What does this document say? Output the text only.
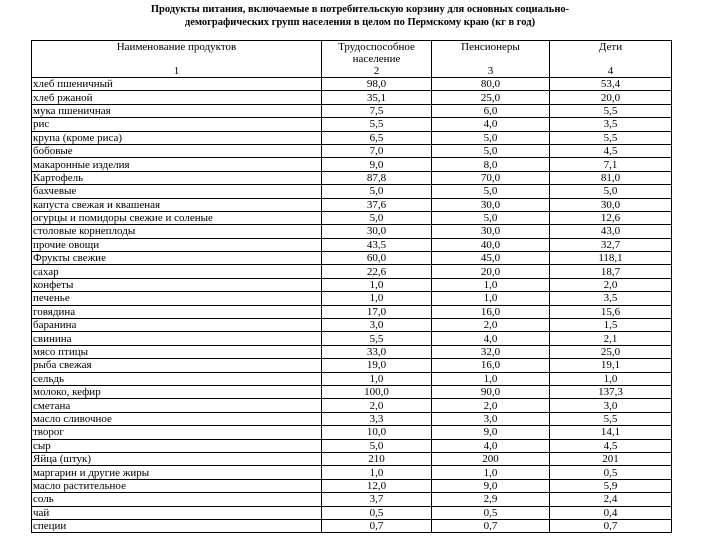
Продукты питания, включаемые в потребительскую корзину для основных социально-
демографических групп населения в целом по Пермскому краю (кг в год)
Наименование продуктов	Трудоспособное население	Пенсионеры	Дети
1	2	3	4
хлеб пшеничный	98,0	80,0	53,4
хлеб ржаной	35,1	25,0	20,0
мука пшеничная	7,5	6,0	5,5
рис	5,5	4,0	3,5
крупа (кроме риса)	6,5	5,0	5,5
бобовые	7,0	5,0	4,5
макаронные изделия	9,0	8,0	7,1
Картофель	87,8	70,0	81,0
бахчевые	5,0	5,0	5,0
капуста свежая и квашеная	37,6	30,0	30,0
огурцы и помидоры свежие и соленые	5,0	5,0	12,6
столовые корнеплоды	30,0	30,0	43,0
прочие овощи	43,5	40,0	32,7
Фрукты свежие	60,0	45,0	118,1
сахар	22,6	20,0	18,7
конфеты	1,0	1,0	2,0
печенье	1,0	1,0	3,5
говядина	17,0	16,0	15,6
баранина	3,0	2,0	1,5
свинина	5,5	4,0	2,1
мясо птицы	33,0	32,0	25,0
рыба свежая	19,0	16,0	19,1
сельдь	1,0	1,0	1,0
молоко, кефир	100,0	90,0	137,3
сметана	2,0	2,0	3,0
масло сливочное	3,3	3,0	5,5
творог	10,0	9,0	14,1
сыр	5,0	4,0	4,5
Яйца (штук)	210	200	201
маргарин и другие жиры	1,0	1,0	0,5
масло растительное	12,0	9,0	5,9
соль	3,7	2,9	2,4
чай	0,5	0,5	0,4
специи	0,7	0,7	0,7
